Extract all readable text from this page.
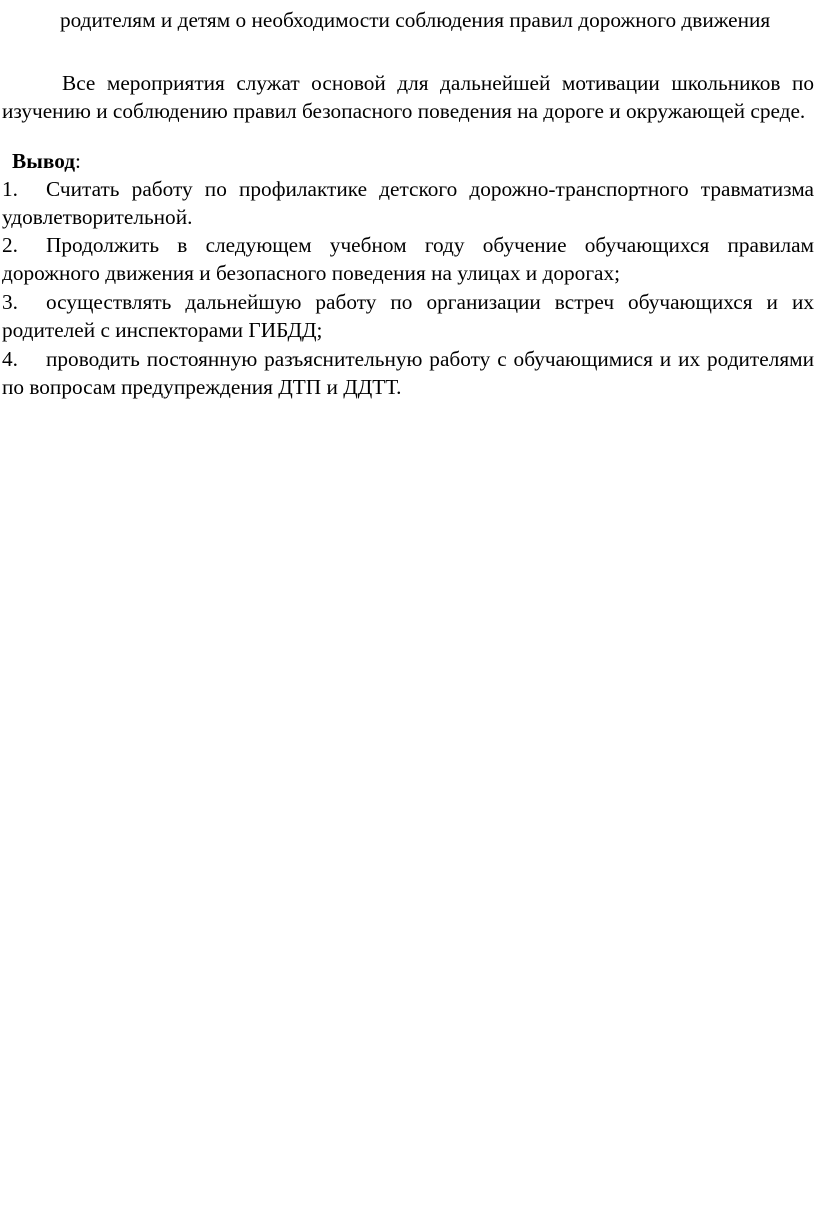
родителям и детям о необходимости соблюдения правил дорожного движения

Все мероприятия служат основой для дальнейшей мотивации школьников по изучению и соблюдению правил безопасного поведения на дороге и окружающей среде.

Вывод:
1.	Считать работу по профилактике детского дорожно-транспортного травматизма удовлетворительной.
2.	Продолжить в следующем учебном году обучение обучающихся правилам дорожного движения и безопасного поведения на улицах и дорогах;
3.	осуществлять дальнейшую работу по организации встреч обучающихся и их родителей с инспекторами ГИБДД;
4.	проводить постоянную разъяснительную работу с обучающимися и их родителями по вопросам предупреждения ДТП и ДДТТ.
